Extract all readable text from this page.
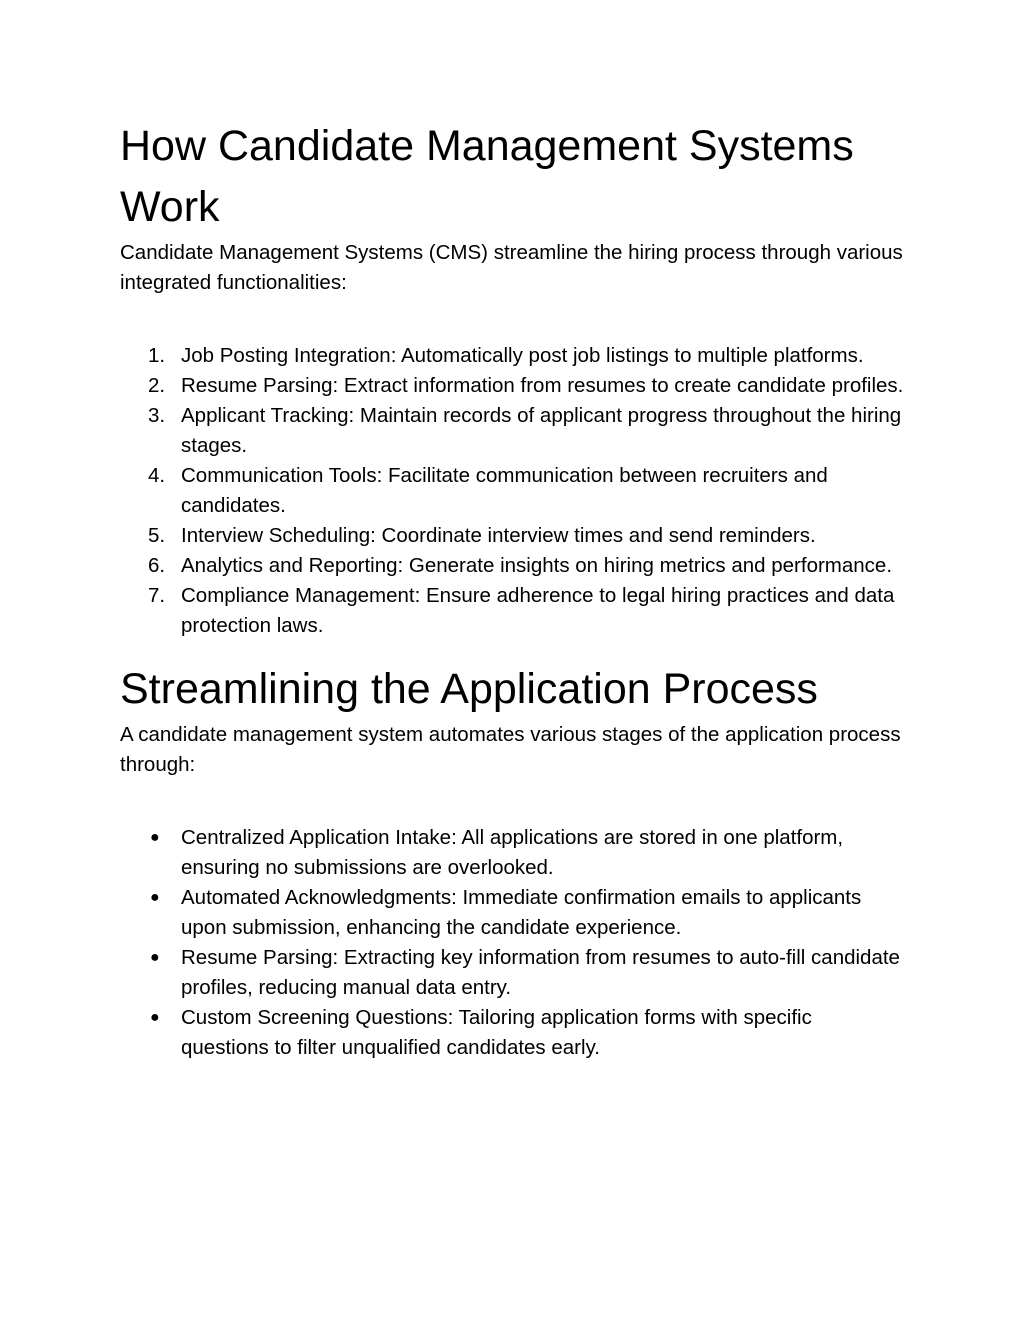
How Candidate Management Systems Work

Candidate Management Systems (CMS) streamline the hiring process through various integrated functionalities:

1. Job Posting Integration: Automatically post job listings to multiple platforms.
2. Resume Parsing: Extract information from resumes to create candidate profiles.
3. Applicant Tracking: Maintain records of applicant progress throughout the hiring stages.
4. Communication Tools: Facilitate communication between recruiters and candidates.
5. Interview Scheduling: Coordinate interview times and send reminders.
6. Analytics and Reporting: Generate insights on hiring metrics and performance.
7. Compliance Management: Ensure adherence to legal hiring practices and data protection laws.
Streamlining the Application Process

A candidate management system automates various stages of the application process through:

● Centralized Application Intake: All applications are stored in one platform, ensuring no submissions are overlooked.
● Automated Acknowledgments: Immediate confirmation emails to applicants upon submission, enhancing the candidate experience.
● Resume Parsing: Extracting key information from resumes to auto-fill candidate profiles, reducing manual data entry.
● Custom Screening Questions: Tailoring application forms with specific questions to filter unqualified candidates early.
